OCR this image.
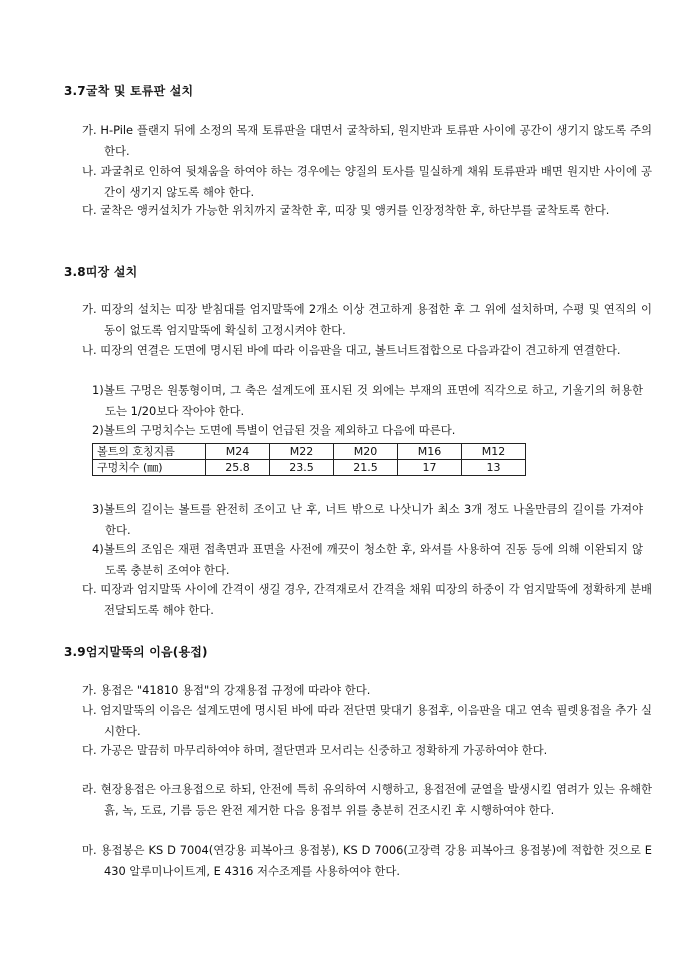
3.7굴착 및 토류판 설치

가. H-Pile 플랜지 뒤에 소정의 목재 토류판을 대면서 굴착하되, 원지반과 토류판 사이에 공간이 생기지 않도록 주의한다.

나. 과굴취로 인하여 뒷채움을 하여야 하는 경우에는 양질의 토사를 밀실하게 채워 토류판과 배면 원지반 사이에 공간이 생기지 않도록 해야 한다.

다. 굴착은 앵커설치가 가능한 위치까지 굴착한 후, 띠장 및 앵커를 인장정착한 후, 하단부를 굴착토록 한다.

3.8띠장 설치

가. 띠장의 설치는 띠장 받침대를 엄지말뚝에 2개소 이상 견고하게 용접한 후 그 위에 설치하며, 수평 및 연직의 이동이 없도록 엄지말뚝에 확실히 고정시켜야 한다.

나. 띠장의 연결은 도면에 명시된 바에 따라 이음판을 대고, 볼트너트접합으로 다음과같이 견고하게 연결한다.

1)볼트 구멍은 원통형이며, 그 축은 설계도에 표시된 것 외에는 부재의 표면에 직각으로 하고, 기울기의 허용한도는 1/20보다 작아야 한다.

2)볼트의 구멍치수는 도면에 특별이 언급된 것을 제외하고 다음에 따른다.

볼트의 호칭지름	M24	M22	M20	M16	M12
구멍치수 (㎜)	25.8	23.5	21.5	17	13

3)볼트의 길이는 볼트를 완전히 조이고 난 후, 너트 밖으로 나삿니가 최소 3개 정도 나올만큼의 길이를 가져야 한다.

4)볼트의 조임은 재편 접촉면과 표면을 사전에 깨끗이 청소한 후, 와셔를 사용하여 진동 등에 의해 이완되지 않도록 충분히 조여야 한다.

다. 띠장과 엄지말뚝 사이에 간격이 생길 경우, 간격재로서 간격을 채워 띠장의 하중이 각 엄지말뚝에 정확하게 분배 전달되도록 해야 한다.

3.9엄지말뚝의 이음(용접)

가. 용접은 "41810 용접"의 강재용접 규정에 따라야 한다.

나. 엄지말뚝의 이음은 설계도면에 명시된 바에 따라 전단면 맞대기 용접후, 이음판을 대고 연속 필렛용접을 추가 실시한다.

다. 가공은 말끔히 마무리하여야 하며, 절단면과 모서리는 신중하고 정확하게 가공하여야 한다.

라. 현장용접은 아크용접으로 하되, 안전에 특히 유의하여 시행하고, 용접전에 균열을 발생시킬 염려가 있는 유해한 흙, 녹, 도료, 기름 등은 완전 제거한 다음 용접부 위를 충분히 건조시킨 후 시행하여야 한다.

마. 용접봉은 KS D 7004(연강용 피복아크 용접봉), KS D 7006(고장력 강용 피복아크 용접봉)에 적합한 것으로 E 430 알루미나이트계, E 4316 저수조계를 사용하여야 한다.
